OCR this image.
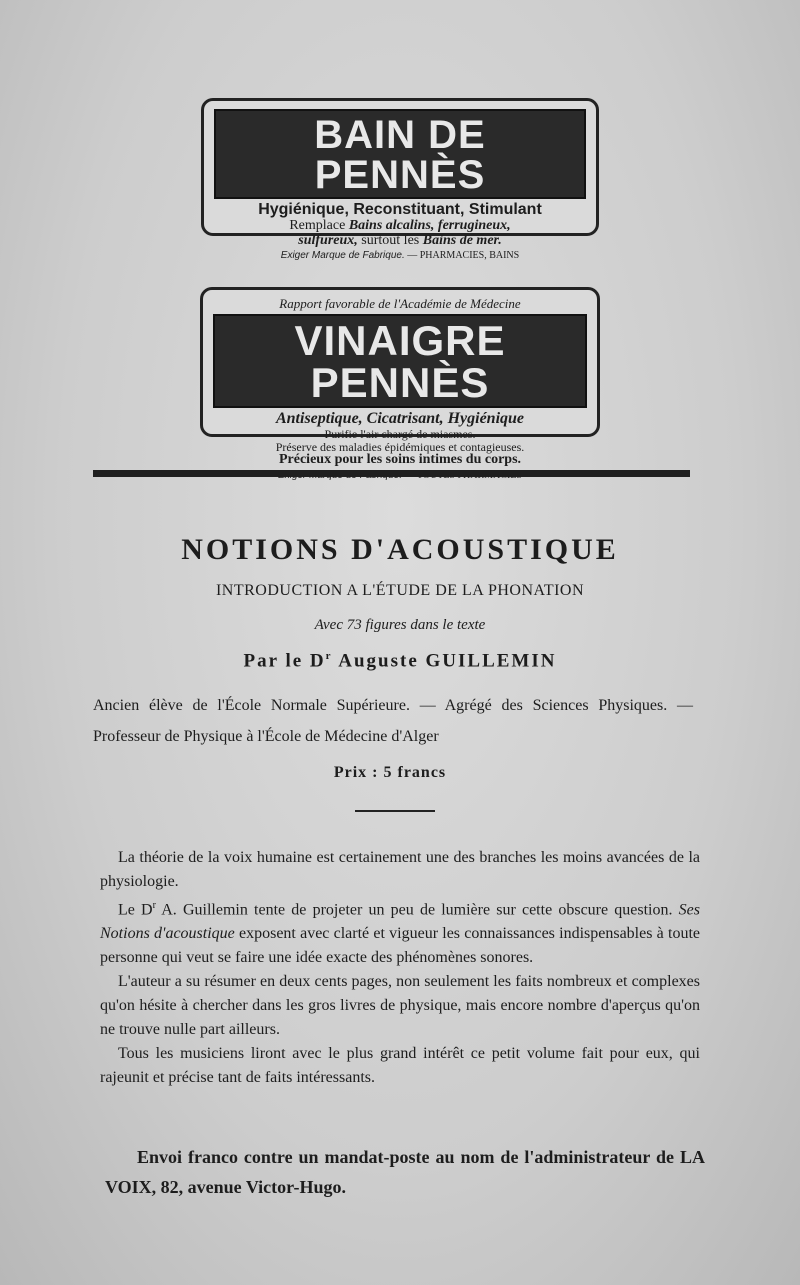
BAIN DE PENNÈS
Hygiénique, Reconstituant, Stimulant
Remplace Bains alcalins, ferrugineux,
sulfureux, surtout les Bains de mer.
Exiger Marque de Fabrique. — PHARMACIES, BAINS
Rapport favorable de l'Académie de Médecine
VINAIGRE PENNÈS
Antiseptique, Cicatrisant, Hygiénique
Purifie l'air chargé de miasmes.
Préserve des maladies épidémiques et contagieuses.
Précieux pour les soins intimes du corps.
NOTIONS D'ACOUSTIQUE
INTRODUCTION A L'ÉTUDE DE LA PHONATION
Avec 73 figures dans le texte
Par le $D^r$ Auguste GUILLEMIN
Ancien élève de l'École Normale Supérieure. — Agrégé des Sciences Physiques. — Professeur de Physique à l'École de Médecine d'Alger
Prix : 5 francs

La théorie de la voix humaine est certainement une des branches les moins avancées de la physiologie.

Le $D^r$ A. Guillemin tente de projeter un peu de lumière sur cette obscure question. Ses Notions d'acoustique exposent avec clarté et vigueur les connaissances indispensables à toute personne qui veut se faire une idée exacte des phénomènes sonores.

L'auteur a su résumer en deux cents pages, non seulement les faits nombreux et complexes qu'on hésite à chercher dans les gros livres de physique, mais encore nombre d'aperçus qu'on ne trouve nulle part ailleurs.

Tous les musiciens liront avec le plus grand intérêt ce petit volume fait pour eux, qui rajeunit et précise tant de faits intéressants.

Envoi franco contre un mandat-poste au nom de l'administrateur de LA VOIX, 82, avenue Victor-Hugo.
